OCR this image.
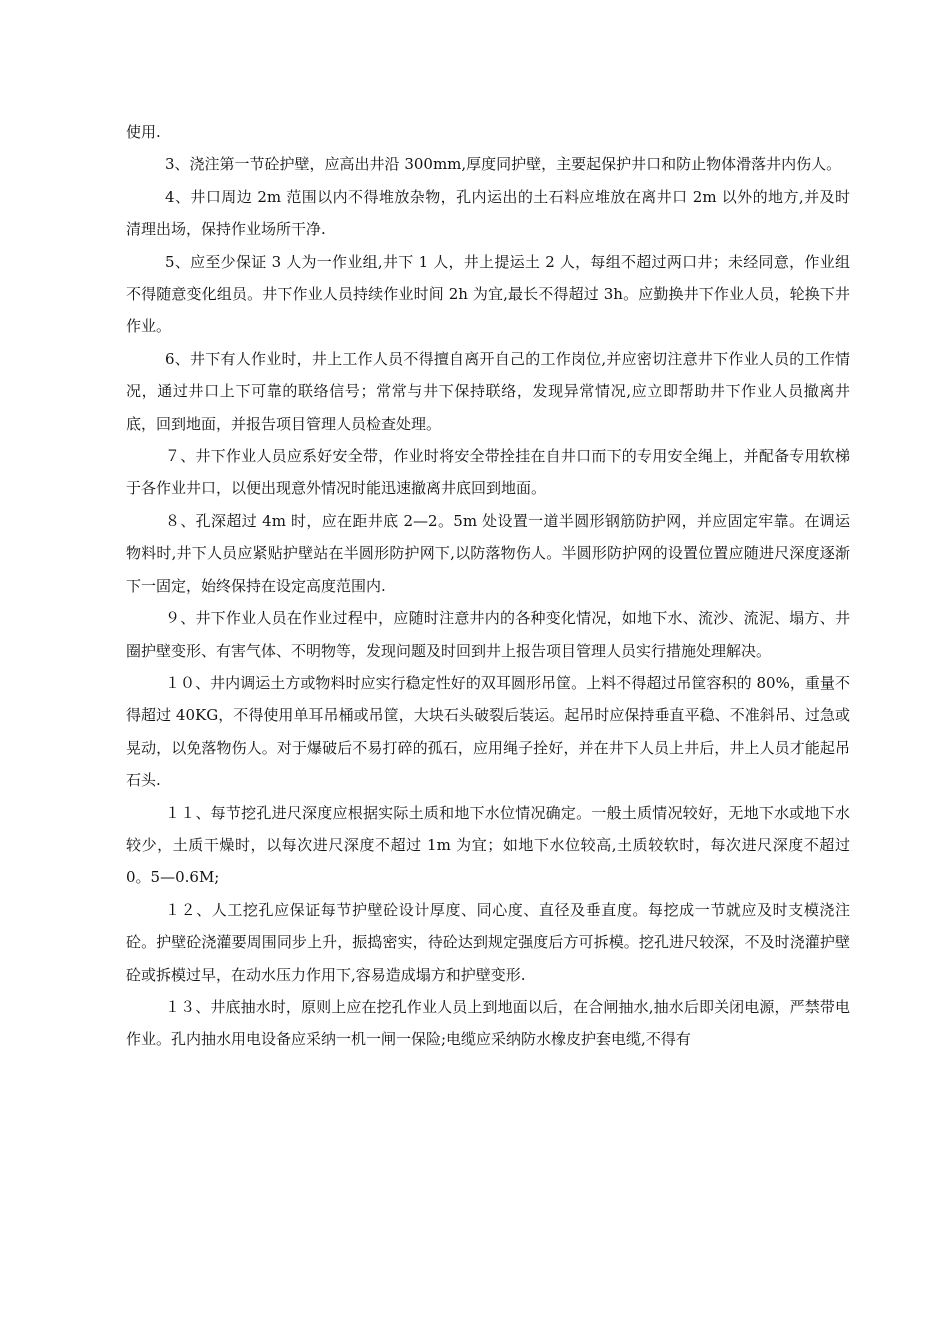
使用.

3、浇注第一节砼护壁，应高出井沿 300mm,厚度同护壁，主要起保护井口和防止物体滑落井内伤人。

4、井口周边 2m 范围以内不得堆放杂物，孔内运出的土石料应堆放在离井口 2m 以外的地方,并及时　清理出场，保持作业场所干净.

5、应至少保证 3 人为一作业组,井下 1 人，井上提运土 2 人，每组不超过两口井；未经同意，作业组不得随意变化组员。井下作业人员持续作业时间 2h 为宜,最长不得超过 3h。应勤换井下作业人员，轮换下井作业。

6、井下有人作业时，井上工作人员不得擅自离开自己的工作岗位,并应密切注意井下作业人员的工作情况，通过井口上下可靠的联络信号；常常与井下保持联络，发现异常情况,应立即帮助井下作业人员撤离井底，回到地面，并报告项目管理人员检查处理。

７、井下作业人员应系好安全带，作业时将安全带拴挂在自井口而下的专用安全绳上，并配备专用软梯于各作业井口，以便出现意外情况时能迅速撤离井底回到地面。

８、孔深超过 4m 时，应在距井底 2—2。5m 处设置一道半圆形钢筋防护网，并应固定牢靠。在调运物料时,井下人员应紧贴护壁站在半圆形防护网下,以防落物伤人。半圆形防护网的设置位置应随进尺深度逐渐下一固定，始终保持在设定高度范围内.

９、井下作业人员在作业过程中，应随时注意井内的各种变化情况，如地下水、流沙、流泥、塌方、井圈护壁变形、有害气体、不明物等，发现问题及时回到井上报告项目管理人员实行措施处理解决。

１０、井内调运土方或物料时应实行稳定性好的双耳圆形吊筐。上料不得超过吊筐容积的 80%，重量不得超过 40KG，不得使用单耳吊桶或吊筐，大块石头破裂后装运。起吊时应保持垂直平稳、不准斜吊、过急或晃动，以免落物伤人。对于爆破后不易打碎的孤石，应用绳子拴好，并在井下人员上井后，井上人员才能起吊石头.

１１、每节挖孔进尺深度应根据实际土质和地下水位情况确定。一般土质情况较好，无地下水或地下水较少，土质干燥时，以每次进尺深度不超过 1m 为宜；如地下水位较高,土质较软时，每次进尺深度不超过 0。5—0.6M;

１２、人工挖孔应保证每节护壁砼设计厚度、同心度、直径及垂直度。每挖成一节就应及时支模浇注砼。护壁砼浇灌要周围同步上升，振捣密实，待砼达到规定强度后方可拆模。挖孔进尺较深，不及时浇灌护壁砼或拆模过早，在动水压力作用下,容易造成塌方和护壁变形.

１３、井底抽水时，原则上应在挖孔作业人员上到地面以后，在合闸抽水,抽水后即关闭电源，严禁带电作业。孔内抽水用电设备应采纳一机一闸一保险;电缆应采纳防水橡皮护套电缆,不得有
